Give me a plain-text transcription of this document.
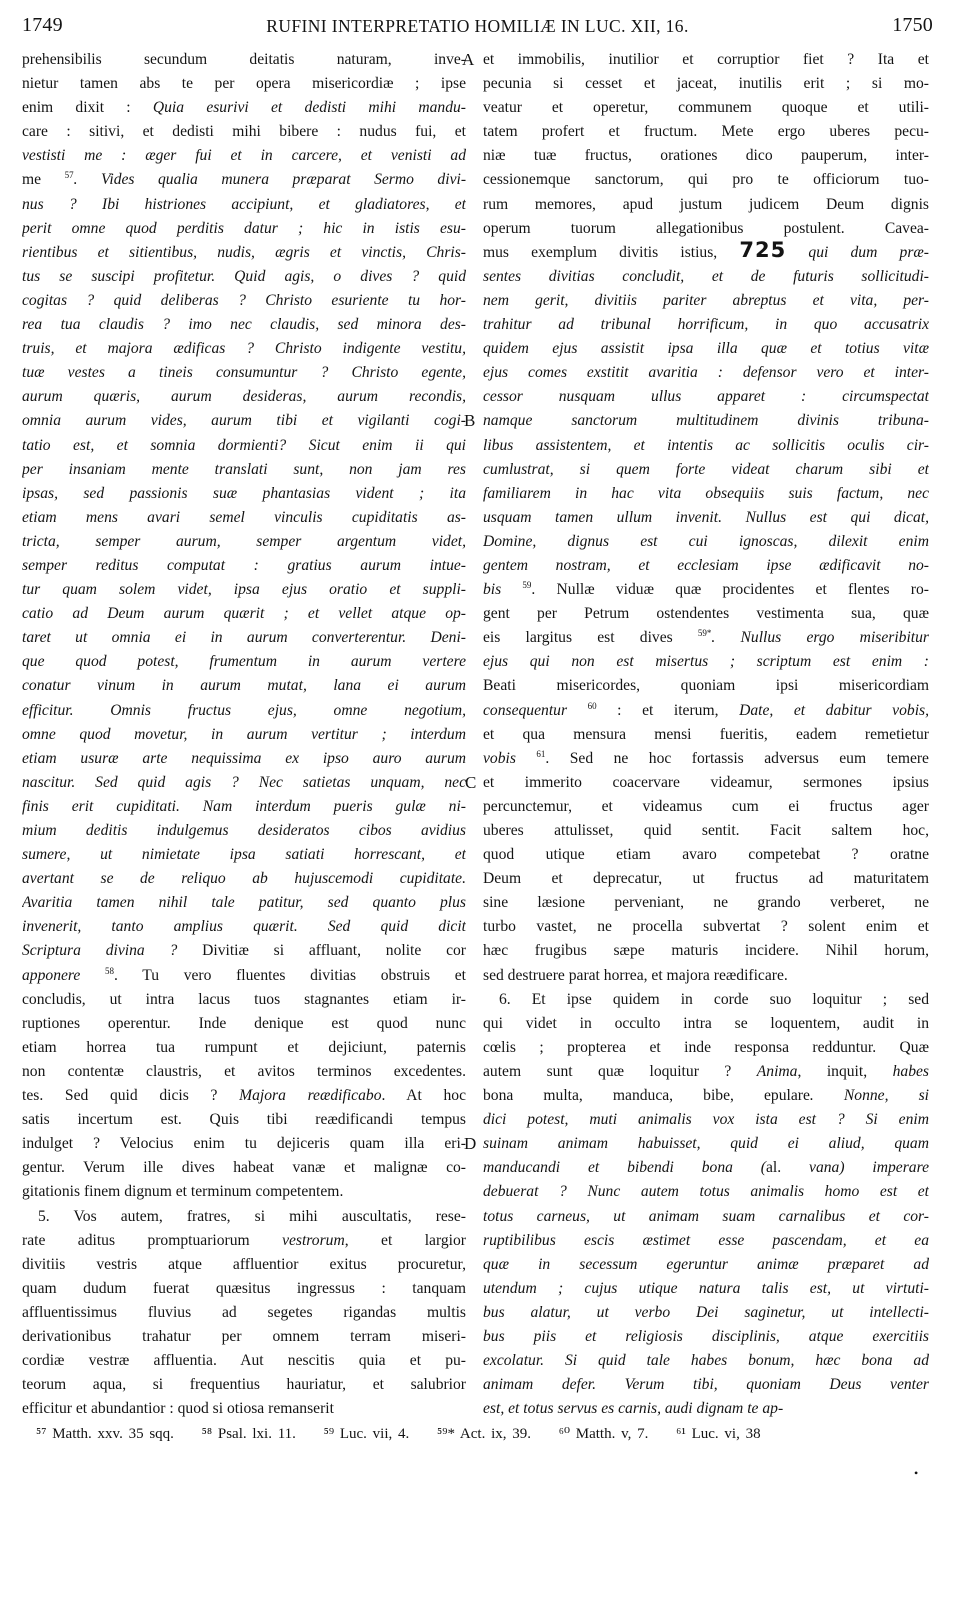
1749	RUFINI INTERPRETATIO HOMILIÆ IN LUC. XII, 16.	1750
prehensibilis secundum deitatis naturam, inve-
nietur tamen abs te per opera misericordiæ ; ipse
enim dixit : Quia esurivi et dedisti mihi mandu-
care : sitivi, et dedisti mihi bibere : nudus fui, et
vestisti me : æger fui et in carcere, et venisti ad
me $^{57}$. Vides qualia munera præparat Sermo divi-
nus ? Ibi histriones accipiunt, et gladiatores, et
perit omne quod perditis datur ; hic in istis esu-
rientibus et sitientibus, nudis, ægris et vinctis, Chris-
tus se suscipi profitetur. Quid agis, o dives ? quid
cogitas ? quid deliberas ? Christo esuriente tu hor-
rea tua claudis ? imo nec claudis, sed minora des-
truis, et majora ædificas ? Christo indigente vestitu,
tuæ vestes a tineis consumuntur ? Christo egente,
aurum quæris, aurum desideras, aurum recondis,
omnia aurum vides, aurum tibi et vigilanti cogi-
tatio est, et somnia dormienti? Sicut enim ii qui
per insaniam mente translati sunt, non jam res
ipsas, sed passionis suæ phantasias vident ; ita
etiam mens avari semel vinculis cupiditatis as-
tricta, semper aurum, semper argentum videt,
semper reditus computat : gratius aurum intue-
tur quam solem videt, ipsa ejus oratio et suppli-
catio ad Deum aurum quærit ; et vellet atque op-
taret ut omnia ei in aurum converterentur. Deni-
que quod potest, frumentum in aurum vertere
conatur vinum in aurum mutat, lana ei aurum
efficitur. Omnis fructus ejus, omne negotium,
omne quod movetur, in aurum vertitur ; interdum
etiam usuræ arte nequissima ex ipso auro aurum
nascitur. Sed quid agis ? Nec satietas unquam, nec
finis erit cupiditati. Nam interdum pueris gulæ ni-
mium deditis indulgemus desideratos cibos avidius
sumere, ut nimietate ipsa satiati horrescant, et
avertant se de reliquo ab hujuscemodi cupiditate.
Avaritia tamen nihil tale patitur, sed quanto plus
invenerit, tanto amplius quærit. Sed quid dicit
Scriptura divina ? Divitiæ si affluant, nolite cor
apponere $^{58}$. Tu vero fluentes divitias obstruis et
concludis, ut intra lacus tuos stagnantes etiam ir-
ruptiones operentur. Inde denique est quod nunc
etiam horrea tua rumpunt et dejiciunt, paternis
non contentæ claustris, et avitos terminos excedentes.
tes. Sed quid dicis ? Majora reædificabo. At hoc
satis incertum est. Quis tibi reædificandi tempus
indulget ? Velocius enim tu dejiceris quam illa eri-
gentur. Verum ille dives habeat vanæ et malignæ co-
gitationis finem dignum et terminum competentem.
5. Vos autem, fratres, si mihi auscultatis, rese-
rate aditus promptuariorum vestrorum, et largior
divitiis vestris atque affluentior exitus procuretur,
quam dudum fuerat quæsitus ingressus : tanquam
affluentissimus fluvius ad segetes rigandas multis
derivationibus trahatur per omnem terram miseri-
cordiæ vestræ affluentia. Aut nescitis quia et pu-
teorum aqua, si frequentius hauriatur, et salubrior
efficitur et abundantior : quod si otiosa remanserit
et immobilis, inutilior et corruptior fiet ? Ita et
pecunia si cesset et jaceat, inutilis erit ; si mo-
veatur et operetur, communem quoque et utili-
tatem profert et fructum. Mete ergo uberes pecu-
niæ tuæ fructus, orationes dico pauperum, inter-
cessionemque sanctorum, qui pro te officiorum tuo-
rum memores, apud justum judicem Deum dignis
operum tuorum allegationibus postulent. Cavea-
mus exemplum divitis istius, 725 qui dum præ-
sentes divitias concludit, et de futuris sollicitudi-
nem gerit, divitiis pariter abreptus et vita, per-
trahitur ad tribunal horrificum, in quo accusatrix
quidem ejus assistit ipsa illa quæ et totius vitæ
ejus comes exstitit avaritia : defensor vero et inter-
cessor nusquam ullus apparet : circumspectat
namque sanctorum multitudinem divinis tribuna-
libus assistentem, et intentis ac sollicitis oculis cir-
cumlustrat, si quem forte videat charum sibi et
familiarem in hac vita obsequiis suis factum, nec
usquam tamen ullum invenit. Nullus est qui dicat,
Domine, dignus est cui ignoscas, dilexit enim
gentem nostram, et ecclesiam ipse ædificavit no-
bis $^{59}$. Nullæ viduæ quæ procidentes et flentes ro-
gent per Petrum ostendentes vestimenta sua, quæ
eis largitus est dives $^{59*}$. Nullus ergo miseribitur
ejus qui non est misertus ; scriptum est enim :
Beati misericordes, quoniam ipsi misericordiam
consequentur $^{60}$ : et iterum, Date, et dabitur vobis,
et qua mensura mensi fueritis, eadem remetietur
vobis $^{61}$. Sed ne hoc fortassis adversus eum temere
et immerito coacervare videamur, sermones ipsius
percunctemur, et videamus cum ei fructus ager
uberes attulisset, quid sentit. Facit saltem hoc,
quod utique etiam avaro competebat ? oratne
Deum et deprecatur, ut fructus ad maturitatem
sine læsione perveniant, ne grando verberet, ne
turbo vastet, ne procella subvertat ? solent enim et
hæc frugibus sæpe maturis incidere. Nihil horum,
sed destruere parat horrea, et majora reædificare.
6. Et ipse quidem in corde suo loquitur ; sed
qui videt in occulto intra se loquentem, audit in
cœlis ; propterea et inde responsa redduntur. Quæ
autem sunt quæ loquitur ? Anima, inquit, habes
bona multa, manduca, bibe, epulare. Nonne, si
dici potest, muti animalis vox ista est ? Si enim
suinam animam habuisset, quid ei aliud, quam
manducandi et bibendi bona (al. vana) imperare
debuerat ? Nunc autem totus animalis homo est et
totus carneus, ut animam suam carnalibus et cor-
ruptibilibus escis æstimet esse pascendam, et ea
quæ in secessum egeruntur animæ præparet ad
utendum ; cujus utique natura talis est, ut virtuti-
bus alatur, ut verbo Dei saginetur, ut intellecti-
bus piis et religiosis disciplinis, atque exercitiis
excolatur. Si quid tale habes bonum, hæc bona ad
animam defer. Verum tibi, quoniam Deus venter
est, et totus servus es carnis, audi dignam te ap-
A
B
C
D
⁵⁷ Matth. xxv. 35 sqq. ⁵⁸ Psal. lxi. 11. ⁵⁹ Luc. vii, 4. ⁵⁹* Act. ix, 39. ⁶⁰ Matth. v, 7. ⁶¹ Luc. vi, 38
•
